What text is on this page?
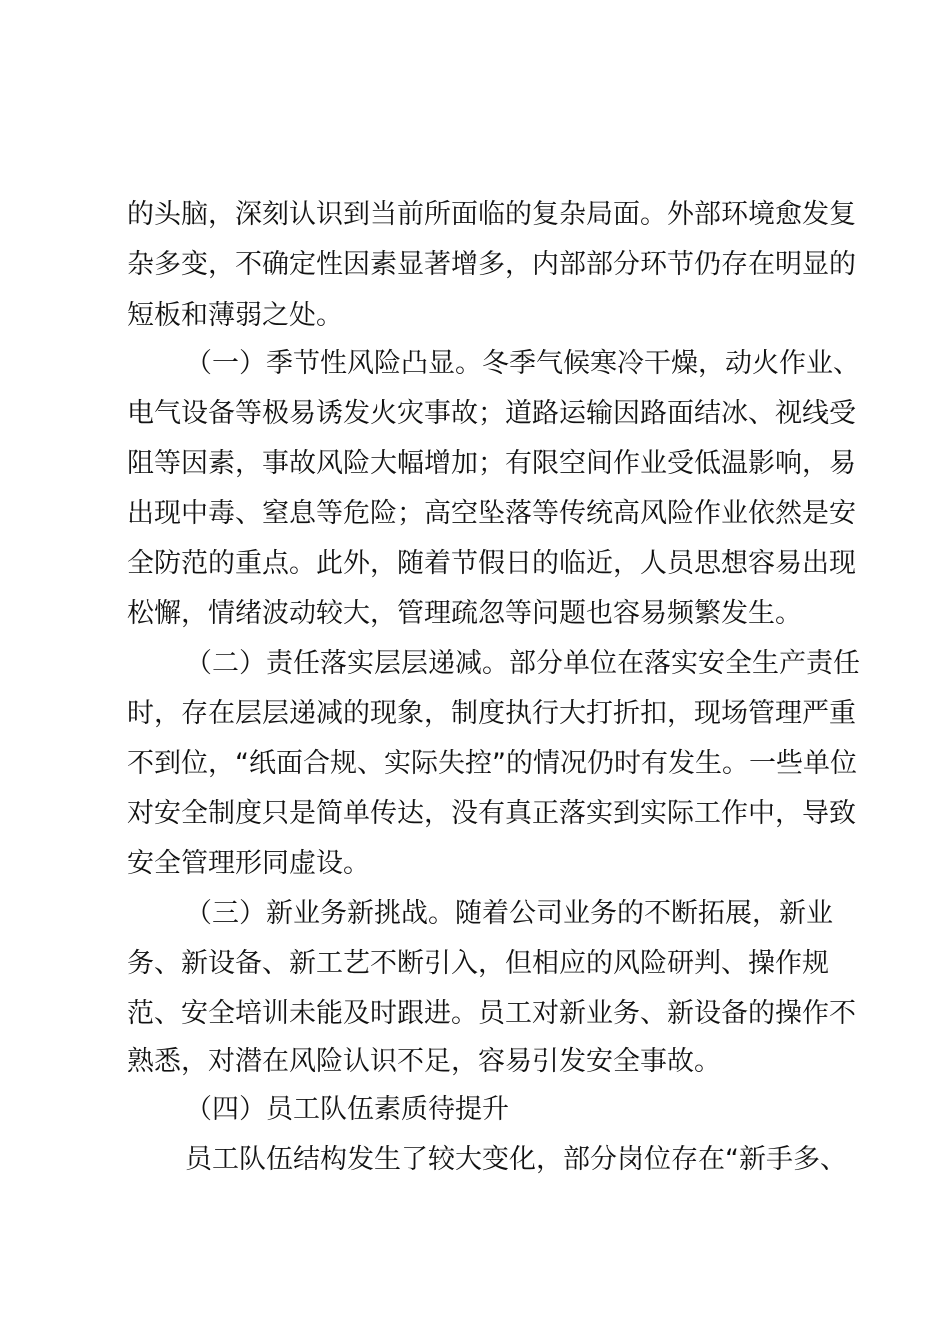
的头脑，深刻认识到当前所面临的复杂局面。外部环境愈发复
杂多变，不确定性因素显著增多，内部部分环节仍存在明显的
短板和薄弱之处。
（一）季节性风险凸显。冬季气候寒冷干燥，动火作业、
电气设备等极易诱发火灾事故；道路运输因路面结冰、视线受
阻等因素，事故风险大幅增加；有限空间作业受低温影响，易
出现中毒、窒息等危险；高空坠落等传统高风险作业依然是安
全防范的重点。此外，随着节假日的临近，人员思想容易出现
松懈，情绪波动较大，管理疏忽等问题也容易频繁发生。
（二）责任落实层层递减。部分单位在落实安全生产责任
时，存在层层递减的现象，制度执行大打折扣，现场管理严重
不到位，“纸面合规、实际失控”的情况仍时有发生。一些单位
对安全制度只是简单传达，没有真正落实到实际工作中，导致
安全管理形同虚设。
（三）新业务新挑战。随着公司业务的不断拓展，新业
务、新设备、新工艺不断引入，但相应的风险研判、操作规
范、安全培训未能及时跟进。员工对新业务、新设备的操作不
熟悉，对潜在风险认识不足，容易引发安全事故。
（四）员工队伍素质待提升
员工队伍结构发生了较大变化，部分岗位存在“新手多、
